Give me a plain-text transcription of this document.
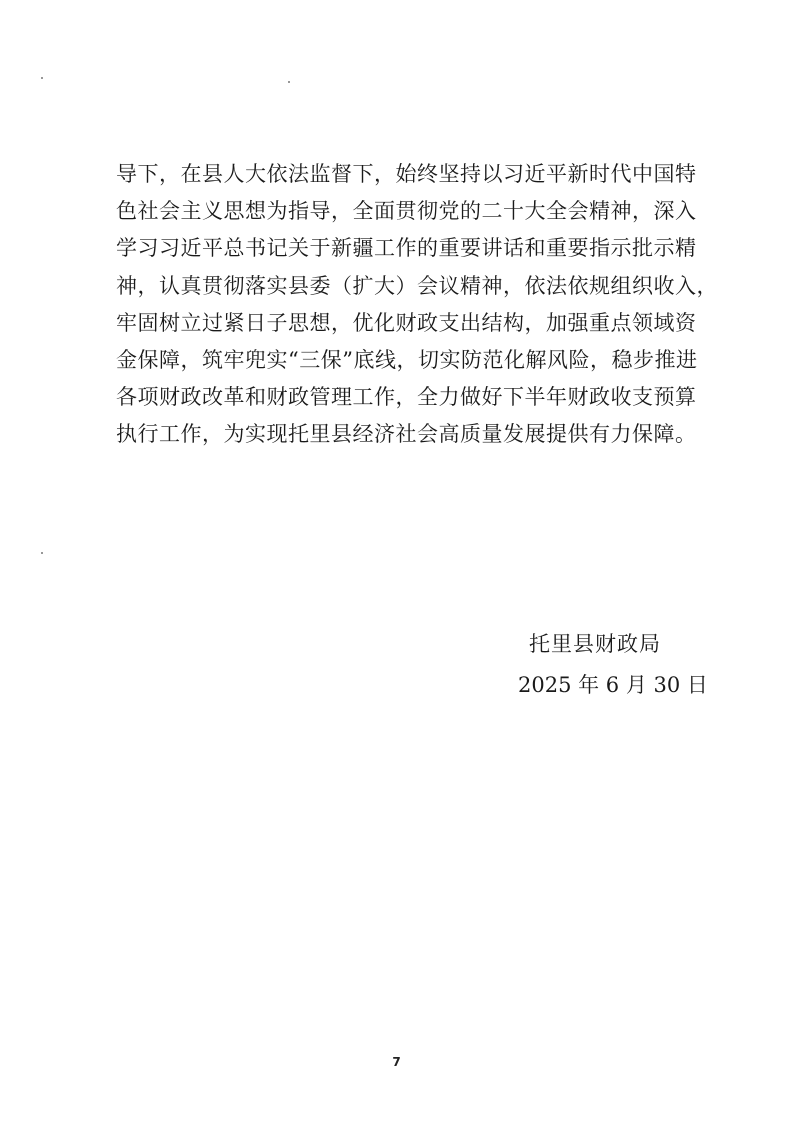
导下，在县人大依法监督下，始终坚持以习近平新时代中国特
色社会主义思想为指导，全面贯彻党的二十大全会精神，深入
学习习近平总书记关于新疆工作的重要讲话和重要指示批示精
神，认真贯彻落实县委（扩大）会议精神，依法依规组织收入，
牢固树立过紧日子思想，优化财政支出结构，加强重点领域资
金保障，筑牢兜实“三保”底线，切实防范化解风险，稳步推进
各项财政改革和财政管理工作，全力做好下半年财政收支预算
执行工作，为实现托里县经济社会高质量发展提供有力保障。
托里县财政局
2025 年 6 月 30 日
7
